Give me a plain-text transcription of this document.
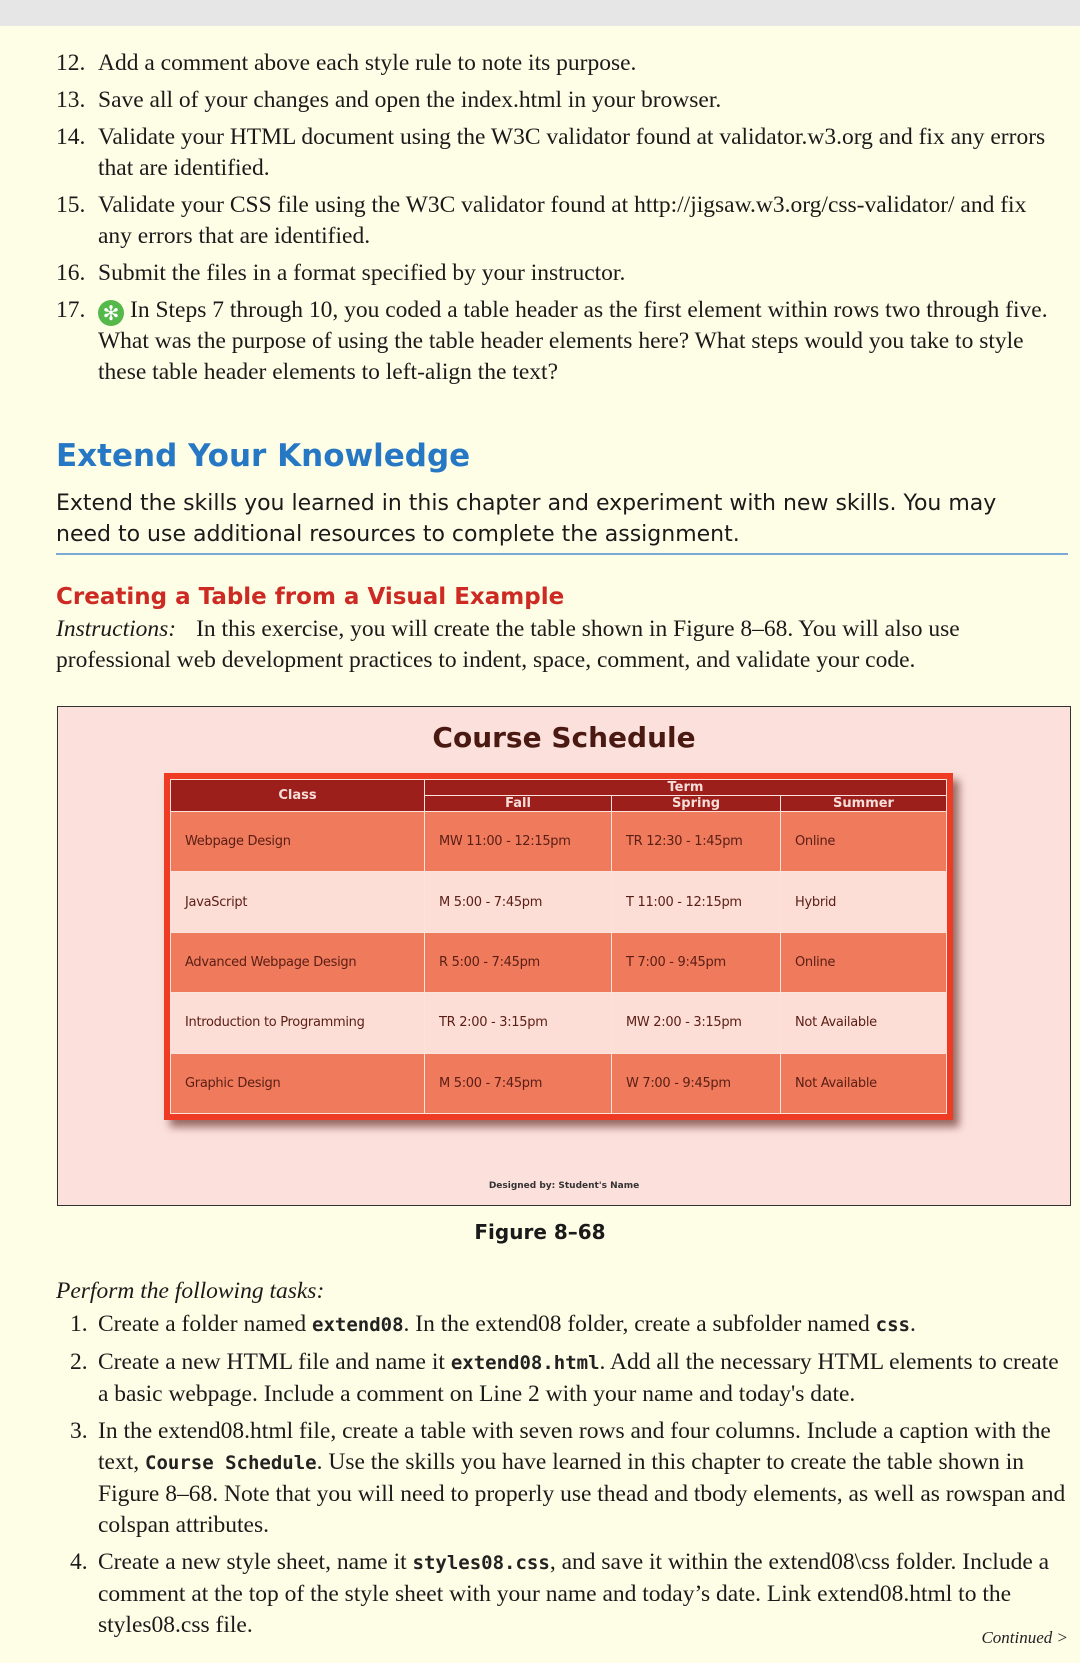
12. Add a comment above each style rule to note its purpose.
13. Save all of your changes and open the index.html in your browser.
14. Validate your HTML document using the W3C validator found at validator.w3.org and fix any errors that are identified.
15. Validate your CSS file using the W3C validator found at http://jigsaw.w3.org/css-validator/ and fix any errors that are identified.
16. Submit the files in a format specified by your instructor.
17. ✻ In Steps 7 through 10, you coded a table header as the first element within rows two through five. What was the purpose of using the table header elements here? What steps would you take to style these table header elements to left-align the text?
Extend Your Knowledge
Extend the skills you learned in this chapter and experiment with new skills. You may need to use additional resources to complete the assignment.
Creating a Table from a Visual Example
Instructions: In this exercise, you will create the table shown in Figure 8–68. You will also use professional web development practices to indent, space, comment, and validate your code.
Course Schedule
Class	Term		
	Fall	Spring	Summer
Webpage Design	MW 11:00 - 12:15pm	TR 12:30 - 1:45pm	Online
JavaScript	M 5:00 - 7:45pm	T 11:00 - 12:15pm	Hybrid
Advanced Webpage Design	R 5:00 - 7:45pm	T 7:00 - 9:45pm	Online
Introduction to Programming	TR 2:00 - 3:15pm	MW 2:00 - 3:15pm	Not Available
Graphic Design	M 5:00 - 7:45pm	W 7:00 - 9:45pm	Not Available
Designed by: Student's Name
Figure 8–68
Perform the following tasks:
1. Create a folder named extend08. In the extend08 folder, create a subfolder named css.
2. Create a new HTML file and name it extend08.html. Add all the necessary HTML elements to create a basic webpage. Include a comment on Line 2 with your name and today's date.
3. In the extend08.html file, create a table with seven rows and four columns. Include a caption with the text, Course Schedule. Use the skills you have learned in this chapter to create the table shown in Figure 8–68. Note that you will need to properly use thead and tbody elements, as well as rowspan and colspan attributes.
4. Create a new style sheet, name it styles08.css, and save it within the extend08\css folder. Include a comment at the top of the style sheet with your name and today’s date. Link extend08.html to the styles08.css file.	Continued >
